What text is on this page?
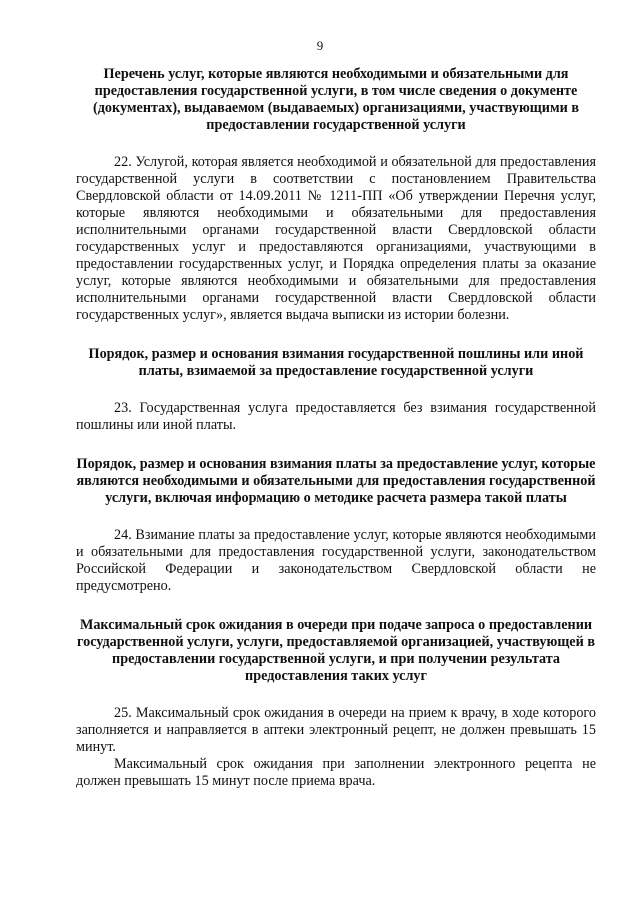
9

Перечень услуг, которые являются необходимыми и обязательными для предоставления государственной услуги, в том числе сведения о документе (документах), выдаваемом (выдаваемых) организациями, участвующими в предоставлении государственной услуги

22. Услугой, которая является необходимой и обязательной для предоставления государственной услуги в соответствии с постановлением Правительства Свердловской области от 14.09.2011 № 1211-ПП «Об утверждении Перечня услуг, которые являются необходимыми и обязательными для предоставления исполнительными органами государственной власти Свердловской области государственных услуг и предоставляются организациями, участвующими в предоставлении государственных услуг, и Порядка определения платы за оказание услуг, которые являются необходимыми и обязательными для предоставления исполнительными органами государственной власти Свердловской области государственных услуг», является выдача выписки из истории болезни.

Порядок, размер и основания взимания государственной пошлины или иной платы, взимаемой за предоставление государственной услуги

23. Государственная услуга предоставляется без взимания государственной пошлины или иной платы.

Порядок, размер и основания взимания платы за предоставление услуг, которые являются необходимыми и обязательными для предоставления государственной услуги, включая информацию о методике расчета размера такой платы

24. Взимание платы за предоставление услуг, которые являются необходимыми и обязательными для предоставления государственной услуги, законодательством Российской Федерации и законодательством Свердловской области не предусмотрено.

Максимальный срок ожидания в очереди при подаче запроса о предоставлении государственной услуги, услуги, предоставляемой организацией, участвующей в предоставлении государственной услуги, и при получении результата предоставления таких услуг

25. Максимальный срок ожидания в очереди на прием к врачу, в ходе которого заполняется и направляется в аптеки электронный рецепт, не должен превышать 15 минут.

Максимальный срок ожидания при заполнении электронного рецепта не должен превышать 15 минут после приема врача.
